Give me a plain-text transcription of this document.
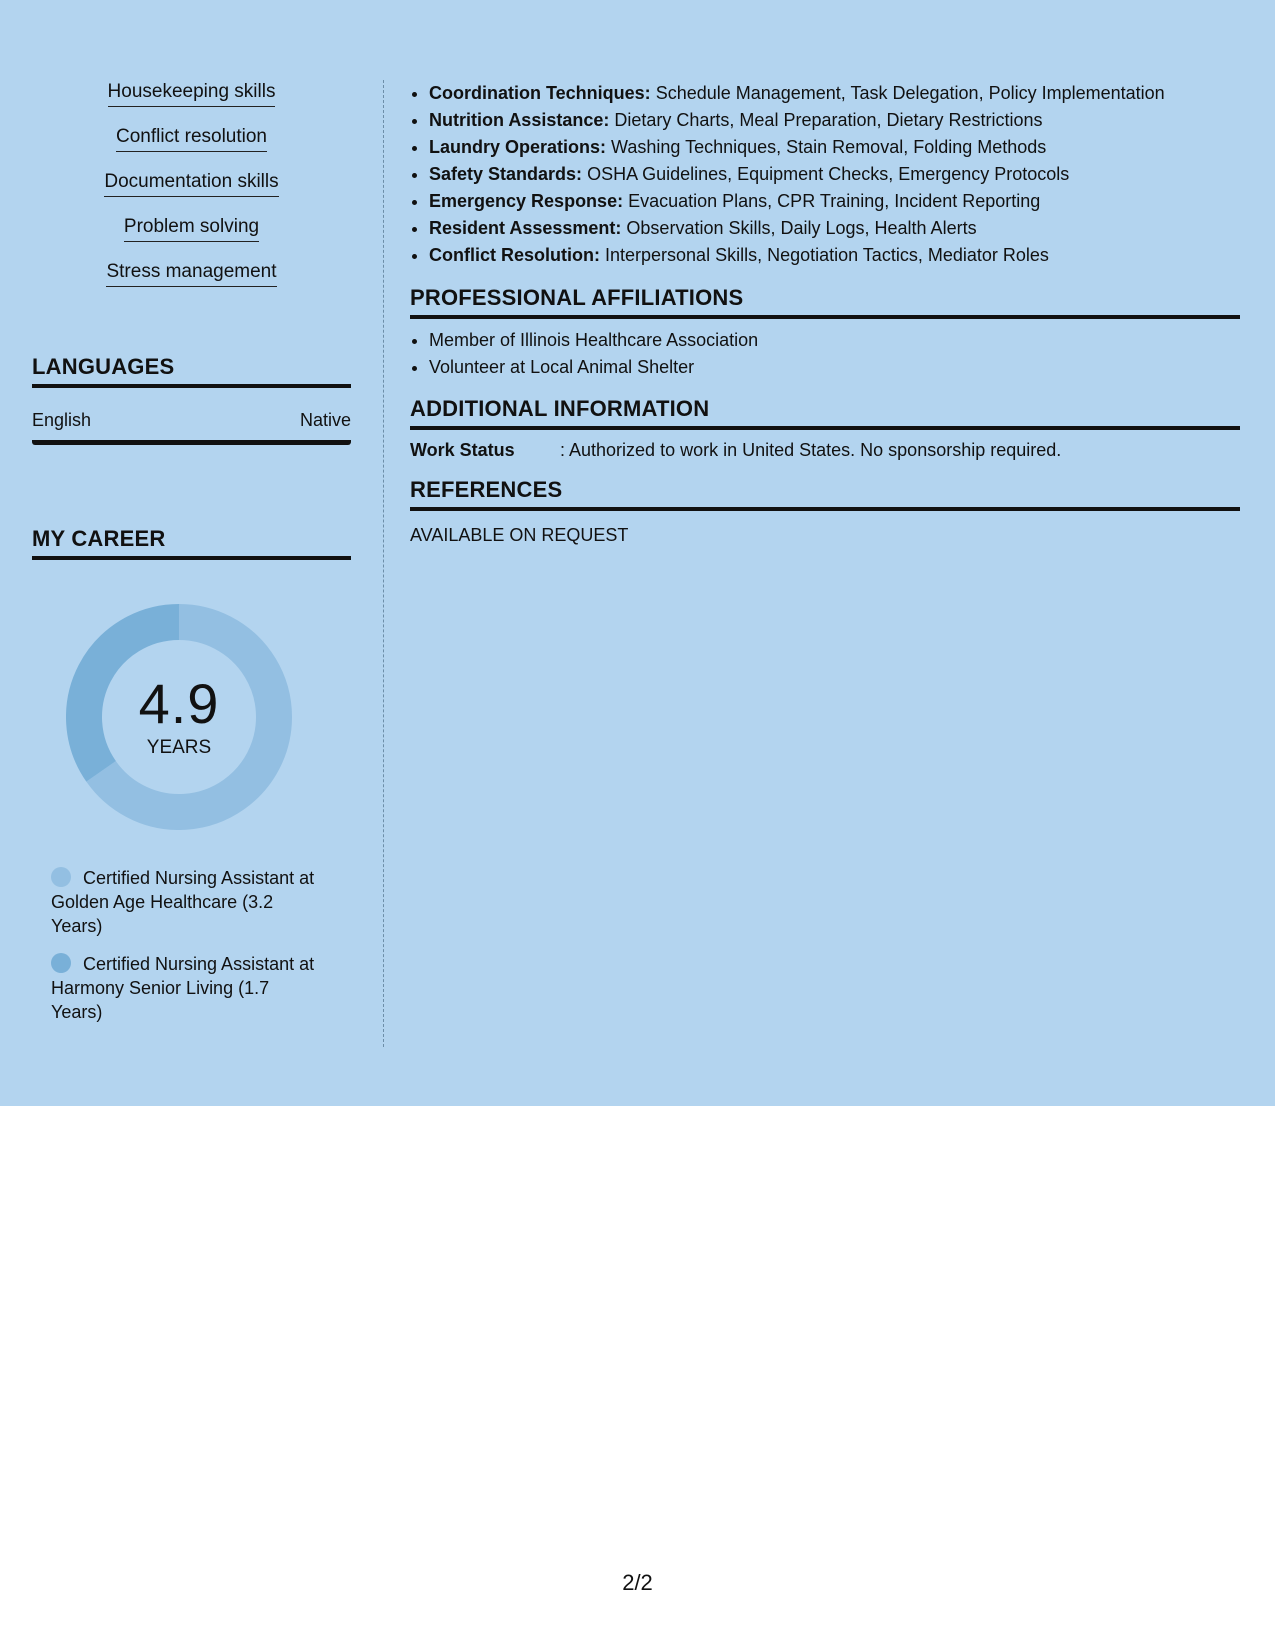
Housekeeping skills
Conflict resolution
Documentation skills
Problem solving
Stress management
LANGUAGES
English	Native
MY CAREER
4.9
YEARS
Certified Nursing Assistant at Golden Age Healthcare (3.2 Years)
Certified Nursing Assistant at Harmony Senior Living (1.7 Years)
• Coordination Techniques: Schedule Management, Task Delegation, Policy Implementation
• Nutrition Assistance: Dietary Charts, Meal Preparation, Dietary Restrictions
• Laundry Operations: Washing Techniques, Stain Removal, Folding Methods
• Safety Standards: OSHA Guidelines, Equipment Checks, Emergency Protocols
• Emergency Response: Evacuation Plans, CPR Training, Incident Reporting
• Resident Assessment: Observation Skills, Daily Logs, Health Alerts
• Conflict Resolution: Interpersonal Skills, Negotiation Tactics, Mediator Roles
PROFESSIONAL AFFILIATIONS
• Member of Illinois Healthcare Association
• Volunteer at Local Animal Shelter
ADDITIONAL INFORMATION
Work Status	: Authorized to work in United States. No sponsorship required.
REFERENCES
AVAILABLE ON REQUEST
2/2
